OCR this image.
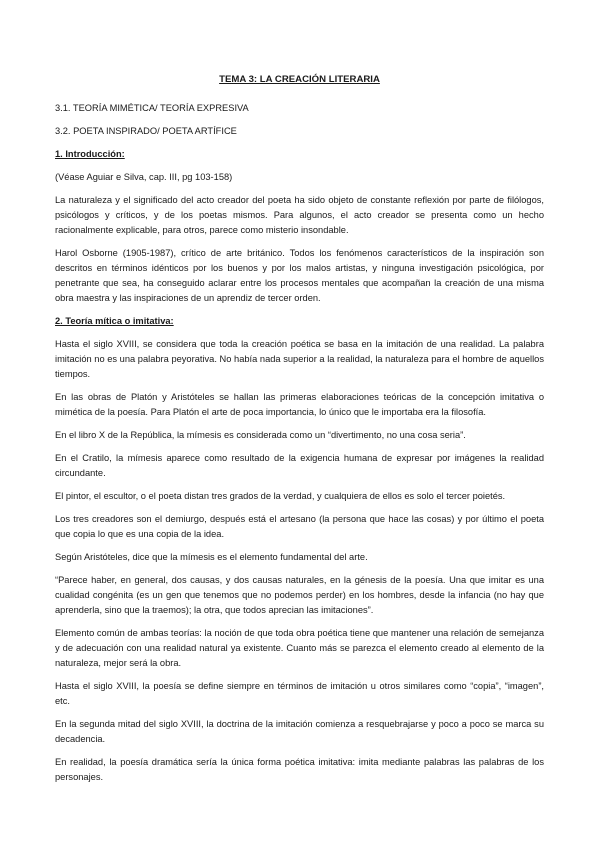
TEMA 3: LA CREACIÓN LITERARIA
3.1. TEORÍA MIMÉTICA/ TEORÍA EXPRESIVA
3.2. POETA INSPIRADO/ POETA ARTÍFICE
1. Introducción:
(Véase Aguiar e Silva, cap. III, pg 103-158)
La naturaleza y el significado del acto creador del poeta ha sido objeto de constante reflexión por parte de filólogos, psicólogos y críticos, y de los poetas mismos. Para algunos, el acto creador se presenta como un hecho racionalmente explicable, para otros, parece como misterio insondable.
Harol Osborne (1905-1987), crítico de arte británico. Todos los fenómenos característicos de la inspiración son descritos en términos idénticos por los buenos y por los malos artistas, y ninguna investigación psicológica, por penetrante que sea, ha conseguido aclarar entre los procesos mentales que acompañan la creación de una misma obra maestra y las inspiraciones de un aprendiz de tercer orden.
2. Teoría mítica o imitativa:
Hasta el siglo XVIII, se considera que toda la creación poética se basa en la imitación de una realidad. La palabra imitación no es una palabra peyorativa. No había nada superior a la realidad, la naturaleza para el hombre de aquellos tiempos.
En las obras de Platón y Aristóteles se hallan las primeras elaboraciones teóricas de la concepción imitativa o mimética de la poesía. Para Platón el arte de poca importancia, lo único que le importaba era la filosofía.
En el libro X de la República, la mímesis es considerada como un “divertimento, no una cosa seria”.
En el Cratilo, la mímesis aparece como resultado de la exigencia humana de expresar por imágenes la realidad circundante.
El pintor, el escultor, o el poeta distan tres grados de la verdad, y cualquiera de ellos es solo el tercer poietés.
Los tres creadores son el demiurgo, después está el artesano (la persona que hace las cosas) y por último el poeta que copia lo que es una copia de la idea.
Según Aristóteles, dice que la mímesis es el elemento fundamental del arte.
“Parece haber, en general, dos causas, y dos causas naturales, en la génesis de la poesía. Una que imitar es una cualidad congénita (es un gen que tenemos que no podemos perder) en los hombres, desde la infancia (no hay que aprenderla, sino que la traemos); la otra, que todos aprecian las imitaciones”.
Elemento común de ambas teorías: la noción de que toda obra poética tiene que mantener una relación de semejanza y de adecuación con una realidad natural ya existente. Cuanto más se parezca el elemento creado al elemento de la naturaleza, mejor será la obra.
Hasta el siglo XVIII, la poesía se define siempre en términos de imitación u otros similares como “copia”, “imagen”, etc.
En la segunda mitad del siglo XVIII, la doctrina de la imitación comienza a resquebrajarse y poco a poco se marca su decadencia.
En realidad, la poesía dramática sería la única forma poética imitativa: imita mediante palabras las palabras de los personajes.
